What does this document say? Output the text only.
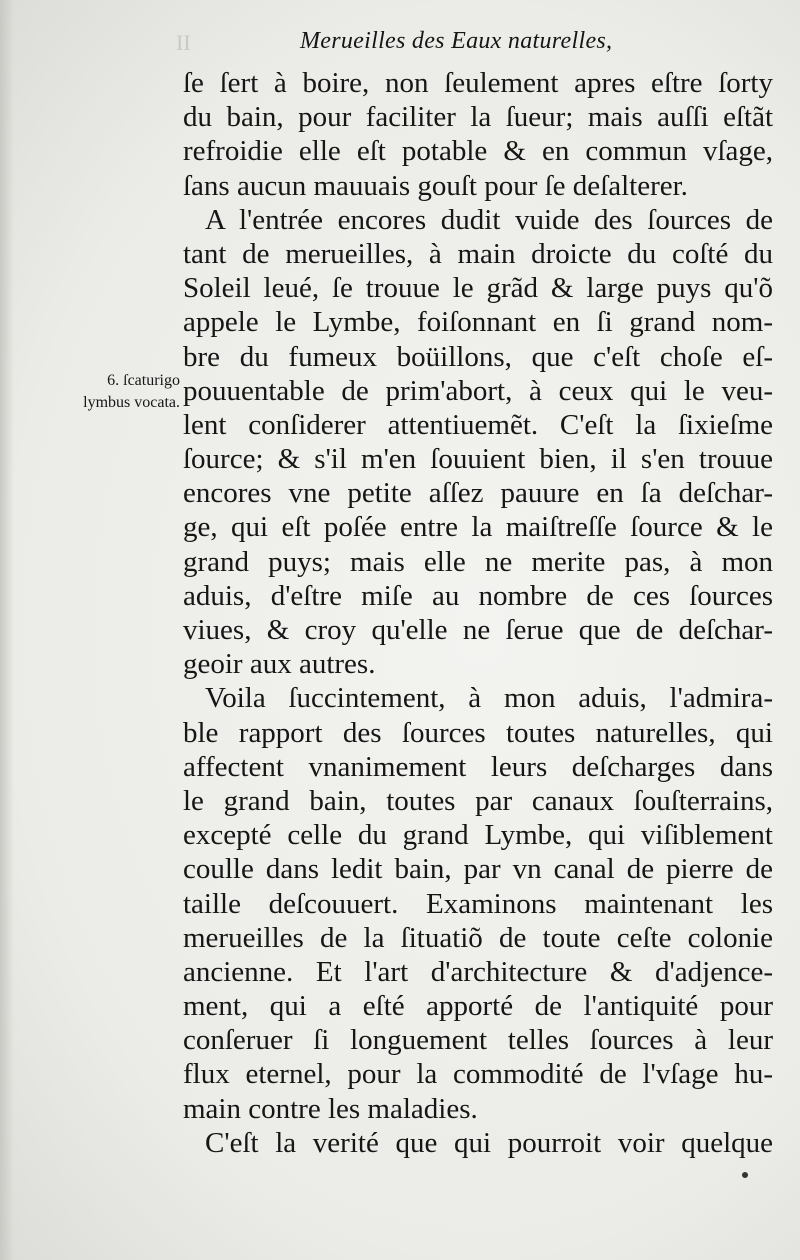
II	Merueilles des Eaux naturelles,
6. ſcaturigo
lymbus vocata.
ſe ſert à boire, non ſeulement apres eſtre ſorty
du bain, pour faciliter la ſueur; mais auſſi eſtãt
refroidie elle eſt potable & en commun vſage,
ſans aucun mauuais gouſt pour ſe deſalterer.
A l'entrée encores dudit vuide des ſources de
tant de merueilles, à main droicte du coſté du
Soleil leué, ſe trouue le grãd & large puys qu'õ
appele le Lymbe, foiſonnant en ſi grand nom-
bre du fumeux boüillons, que c'eſt choſe eſ-
pouuentable de prim'abort, à ceux qui le veu-
lent conſiderer attentiuemẽt. C'eſt la ſixieſme
ſource; & s'il m'en ſouuient bien, il s'en trouue
encores vne petite aſſez pauure en ſa deſchar-
ge, qui eſt poſée entre la maiſtreſſe ſource & le
grand puys; mais elle ne merite pas, à mon
aduis, d'eſtre miſe au nombre de ces ſources
viues, & croy qu'elle ne ſerue que de deſchar-
geoir aux autres.
Voila ſuccintement, à mon aduis, l'admira-
ble rapport des ſources toutes naturelles, qui
affectent vnanimement leurs deſcharges dans
le grand bain, toutes par canaux ſouſterrains,
excepté celle du grand Lymbe, qui viſiblement
coulle dans ledit bain, par vn canal de pierre de
taille deſcouuert. Examinons maintenant les
merueilles de la ſituatiõ de toute ceſte colonie
ancienne. Et l'art d'architecture & d'adjence-
ment, qui a eſté apporté de l'antiquité pour
conſeruer ſi longuement telles ſources à leur
flux eternel, pour la commodité de l'vſage hu-
main contre les maladies.
C'eſt la verité que qui pourroit voir quelque
